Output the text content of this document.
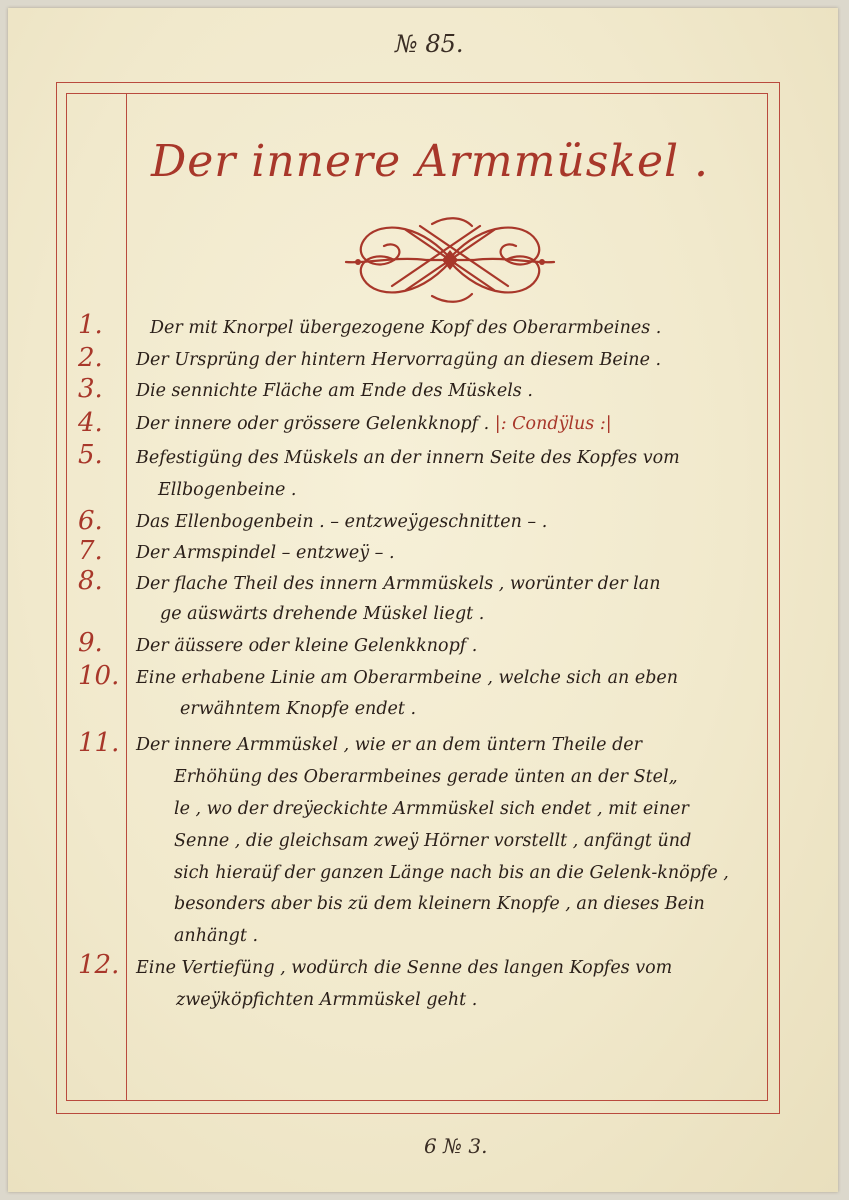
№ 85.
Der innere Armmüskel .
1.	Der mit Knorpel übergezogene Kopf des Oberarmbeines .
2.	Der Ursprüng der hintern Hervorragüng an diesem Beine .
3.	Die sennichte Fläche am Ende des Müskels .
4.	Der innere oder grössere Gelenkknopf . |: Condÿlus :|
5.	Befestigüng des Müskels an der innern Seite des Kopfes vom
Ellbogenbeine .
6.	Das Ellenbogenbein . – entzweÿgeschnitten – .
7.	Der Armspindel – entzweÿ – .
8.	Der flache Theil des innern Armmüskels , worünter der lan
ge aüswärts drehende Müskel liegt .
9.	Der äüssere oder kleine Gelenkknopf .
10. Eine erhabene Linie am Oberarmbeine , welche sich an eben
erwähntem Knopfe endet .
11. Der innere Armmüskel , wie er an dem üntern Theile der
Erhöhüng des Oberarmbeines gerade ünten an der Stel„
le , wo der dreÿeckichte Armmüskel sich endet , mit einer
Senne , die gleichsam zweÿ Hörner vorstellt , anfängt ünd
sich hieraüf der ganzen Länge nach bis an die Gelenk-knöpfe ,
besonders aber bis zü dem kleinern Knopfe , an dieses Bein
anhängt .
12. Eine Vertiefüng , wodürch die Senne des langen Kopfes vom
zweÿköpfichten Armmüskel geht .
6 № 3.
